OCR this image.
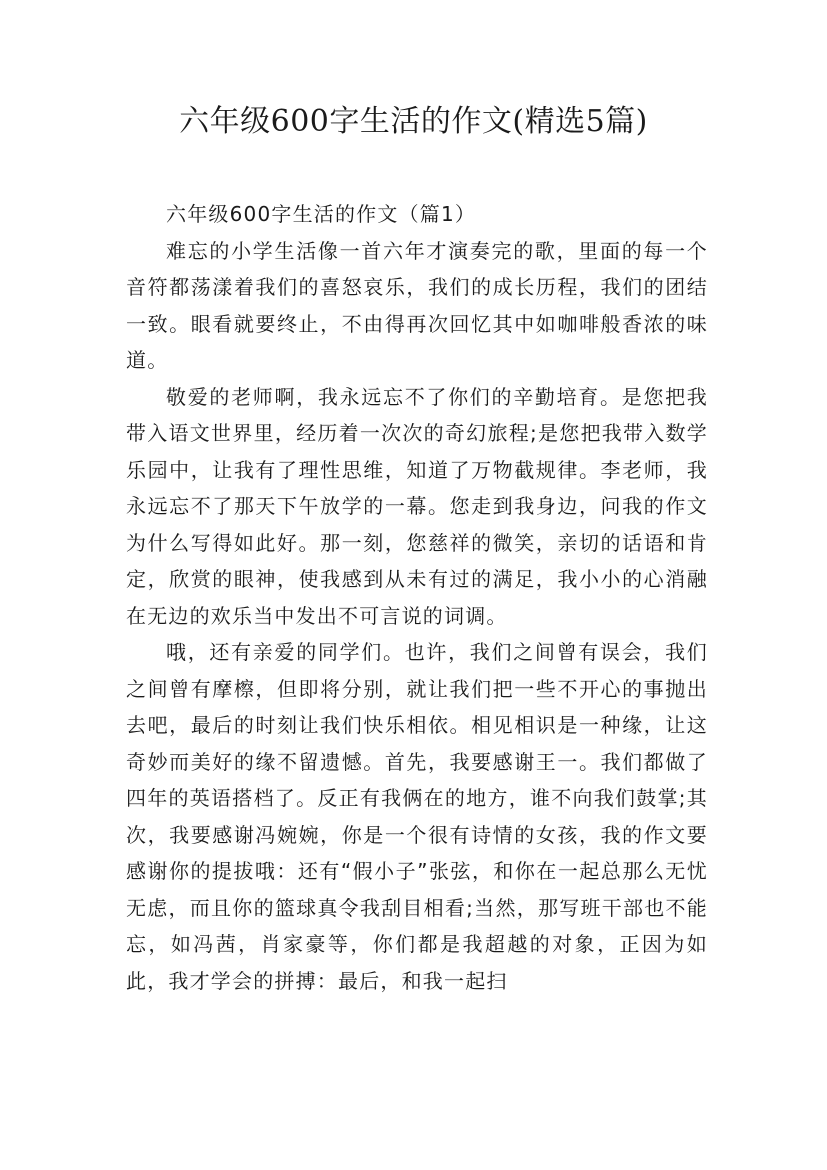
六年级600字生活的作文(精选5篇)

六年级600字生活的作文（篇1）

难忘的小学生活像一首六年才演奏完的歌，里面的每一个音符都荡漾着我们的喜怒哀乐，我们的成长历程，我们的团结一致。眼看就要终止，不由得再次回忆其中如咖啡般香浓的味道。

敬爱的老师啊，我永远忘不了你们的辛勤培育。是您把我带入语文世界里，经历着一次次的奇幻旅程;是您把我带入数学乐园中，让我有了理性思维，知道了万物截规律。李老师，我永远忘不了那天下午放学的一幕。您走到我身边，问我的作文为什么写得如此好。那一刻，您慈祥的微笑，亲切的话语和肯定，欣赏的眼神，使我感到从未有过的满足，我小小的心消融在无边的欢乐当中发出不可言说的词调。

哦，还有亲爱的同学们。也许，我们之间曾有误会，我们之间曾有摩檫，但即将分别，就让我们把一些不开心的事抛出去吧，最后的时刻让我们快乐相依。相见相识是一种缘，让这奇妙而美好的缘不留遗憾。首先，我要感谢王一。我们都做了四年的英语搭档了。反正有我俩在的地方，谁不向我们鼓掌;其次，我要感谢冯婉婉，你是一个很有诗情的女孩，我的作文要感谢你的提拔哦：还有“假小子”张弦，和你在一起总那么无忧无虑，而且你的篮球真令我刮目相看;当然，那写班干部也不能忘，如冯茜，肖家豪等，你们都是我超越的对象，正因为如此，我才学会的拼搏：最后，和我一起扫
